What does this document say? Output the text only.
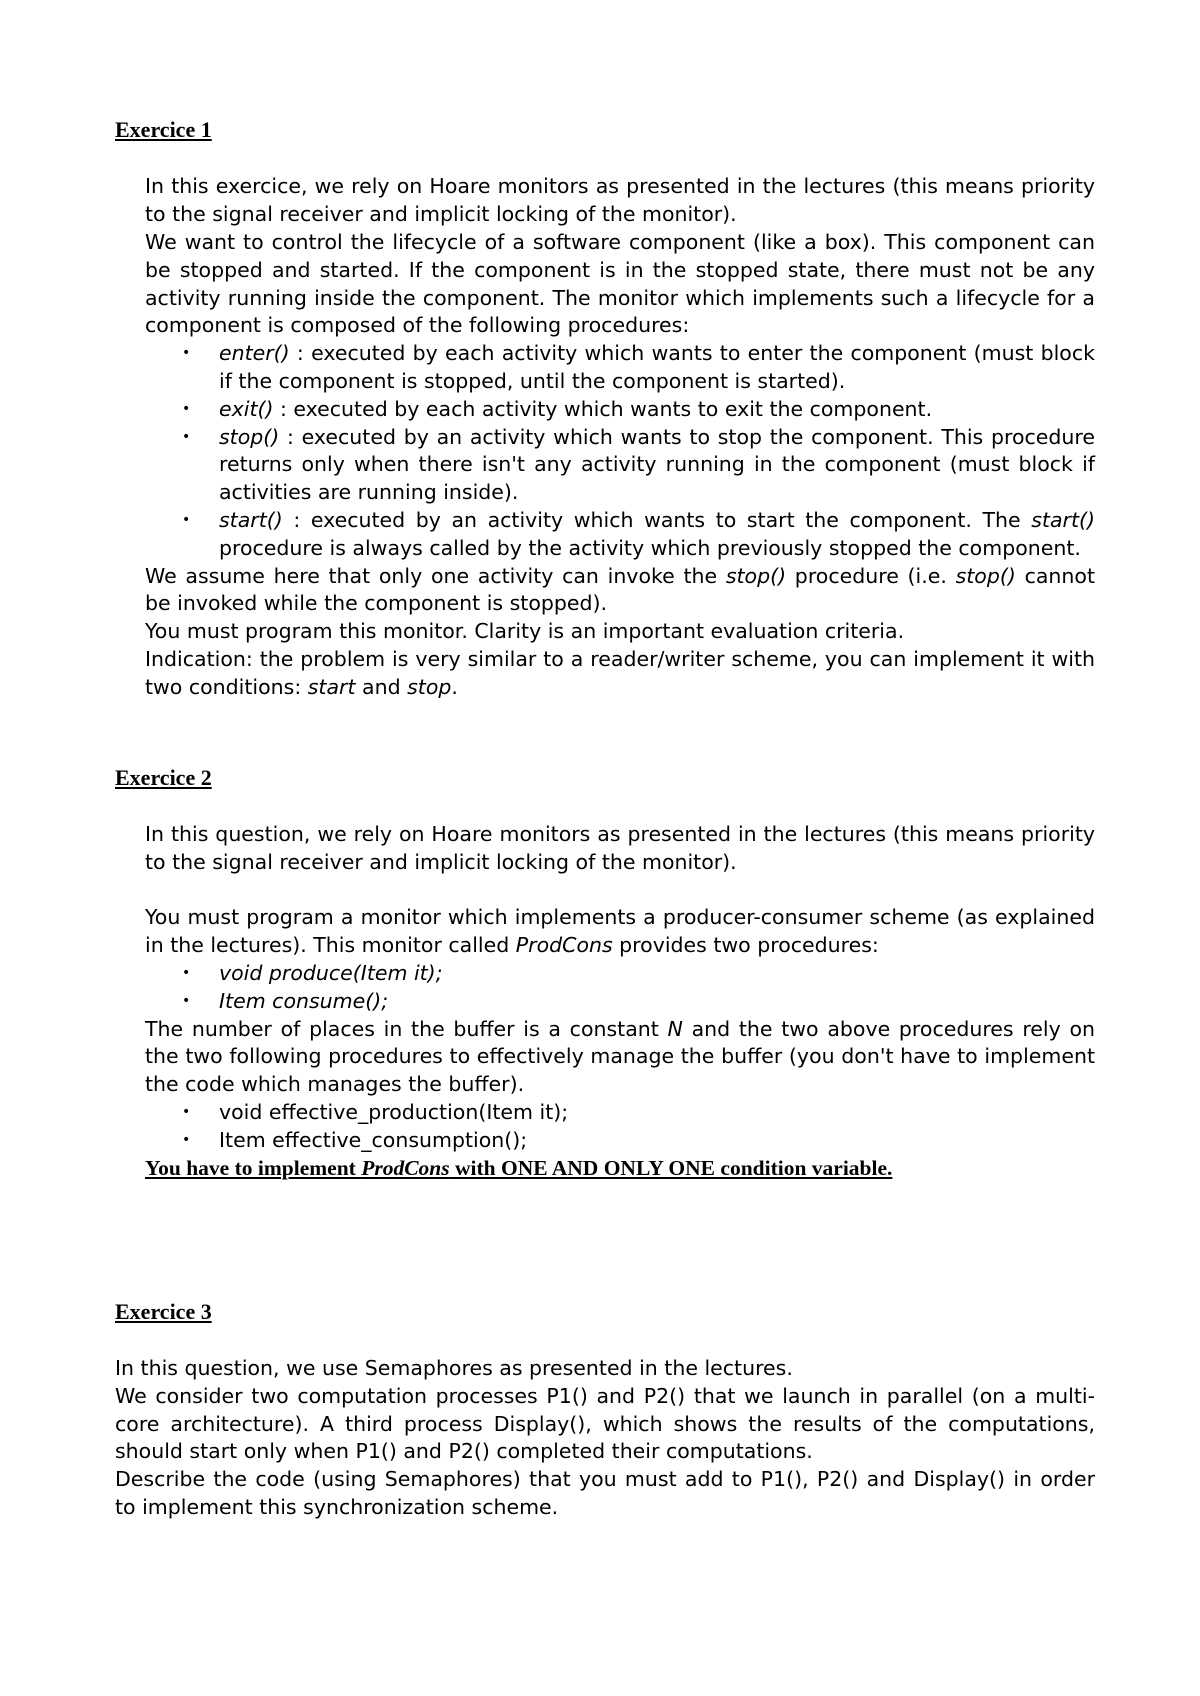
Exercice 1

In this exercice, we rely on Hoare monitors as presented in the lectures (this means priority to the signal receiver and implicit locking of the monitor).

We want to control the lifecycle of a software component (like a box). This component can be stopped and started. If the component is in the stopped state, there must not be any activity running inside the component. The monitor which implements such a lifecycle for a component is composed of the following procedures:

• enter() : executed by each activity which wants to enter the component (must block if the component is stopped, until the component is started).
• exit() : executed by each activity which wants to exit the component.
• stop() : executed by an activity which wants to stop the component. This procedure returns only when there isn't any activity running in the component (must block if activities are running inside).
• start() : executed by an activity which wants to start the component. The start() procedure is always called by the activity which previously stopped the component.

We assume here that only one activity can invoke the stop() procedure (i.e. stop() cannot be invoked while the component is stopped).

You must program this monitor. Clarity is an important evaluation criteria.

Indication: the problem is very similar to a reader/writer scheme, you can implement it with two conditions: start and stop.

Exercice 2

In this question, we rely on Hoare monitors as presented in the lectures (this means priority to the signal receiver and implicit locking of the monitor).

You must program a monitor which implements a producer-consumer scheme (as explained in the lectures). This monitor called ProdCons provides two procedures:

• void produce(Item it);
• Item consume();

The number of places in the buffer is a constant N and the two above procedures rely on the two following procedures to effectively manage the buffer (you don't have to implement the code which manages the buffer).

• void effective_production(Item it);
• Item effective_consumption();

You have to implement ProdCons with ONE AND ONLY ONE condition variable.

Exercice 3

In this question, we use Semaphores as presented in the lectures.

We consider two computation processes P1() and P2() that we launch in parallel (on a multi-core architecture). A third process Display(), which shows the results of the computations, should start only when P1() and P2() completed their computations.

Describe the code (using Semaphores) that you must add to P1(), P2() and Display() in order to implement this synchronization scheme.
